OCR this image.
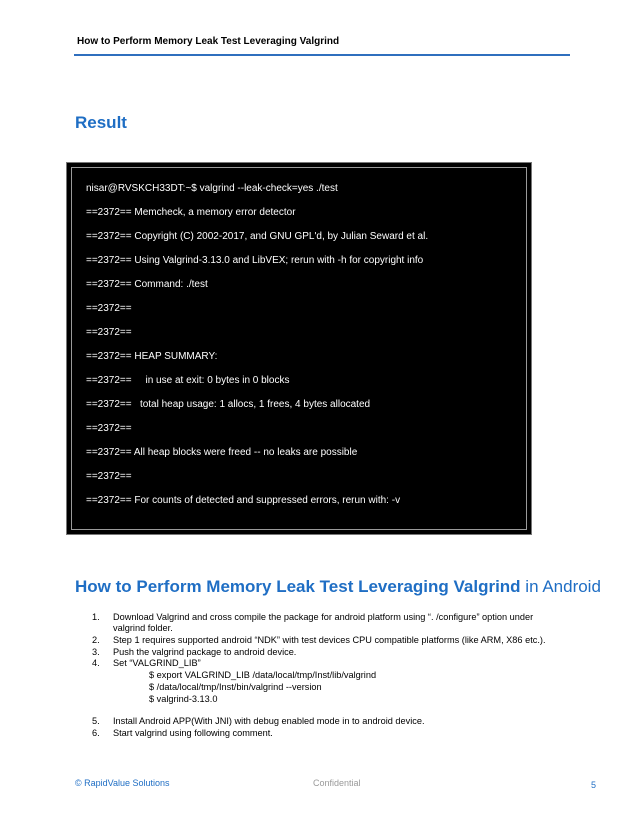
How to Perform Memory Leak Test Leveraging Valgrind
Result
nisar@RVSKCH33DT:~$ valgrind --leak-check=yes ./test
==2372== Memcheck, a memory error detector
==2372== Copyright (C) 2002-2017, and GNU GPL'd, by Julian Seward et al.
==2372== Using Valgrind-3.13.0 and LibVEX; rerun with -h for copyright info
==2372== Command: ./test
==2372==
==2372==
==2372== HEAP SUMMARY:
==2372==     in use at exit: 0 bytes in 0 blocks
==2372==   total heap usage: 1 allocs, 1 frees, 4 bytes allocated
==2372==
==2372== All heap blocks were freed -- no leaks are possible
==2372==
==2372== For counts of detected and suppressed errors, rerun with: -v
How to Perform Memory Leak Test Leveraging Valgrind in Android
1. Download Valgrind and cross compile the package for android platform using “. /configure” option under
valgrind folder.
2. Step 1 requires supported android “NDK” with test devices CPU compatible platforms (like ARM, X86 etc.).
3. Push the valgrind package to android device.
4. Set “VALGRIND_LIB”
$ export VALGRIND_LIB /data/local/tmp/Inst/lib/valgrind
$ /data/local/tmp/Inst/bin/valgrind --version
$ valgrind-3.13.0
5. Install Android APP(With JNI) with debug enabled mode in to android device.
6. Start valgrind using following comment.
© RapidValue Solutions	Confidential	5
